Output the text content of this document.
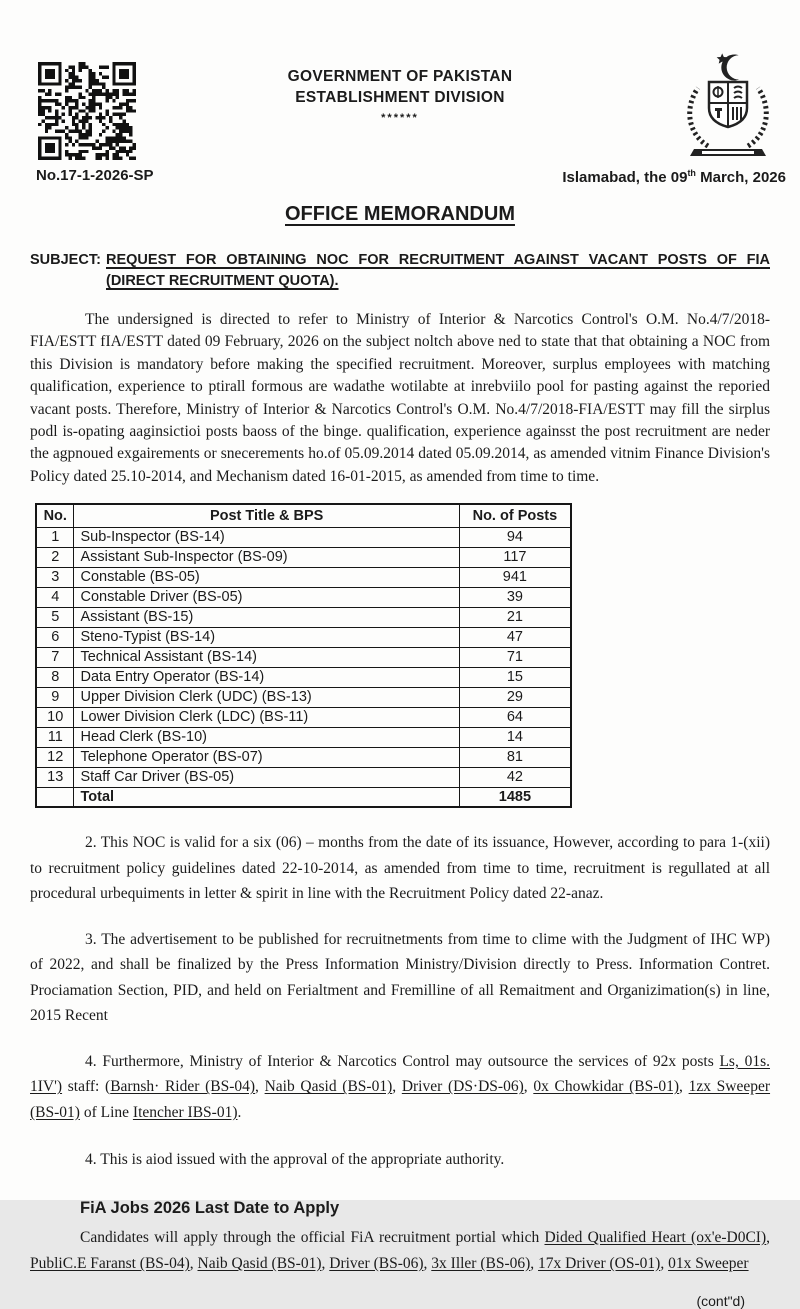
GOVERNMENT OF PAKISTAN
ESTABLISHMENT DIVISION
******
No.17-1-2026-SP	Islamabad, the 09th March, 2026
OFFICE MEMORANDUM
SUBJECT: REQUEST FOR OBTAINING NOC FOR RECRUITMENT AGAINST VACANT POSTS OF FIA (DIRECT RECRUITMENT QUOTA).

The undersigned is directed to refer to Ministry of Interior & Narcotics Control's O.M. No.4/7/2018-FIA/ESTT fIA/ESTT dated 09 February, 2026 on the subject noltch above ned to state that that obtaining a NOC from this Division is mandatory before making the specified recruitment. Moreover, surplus employees with matching qualification, experience to ptirall formous are wadathe wotilabte at inrebviilo pool for pasting against the reporied vacant posts. Therefore, Ministry of Interior & Narcotics Control's O.M. No.4/7/2018-FIA/ESTT may fill the sirplus podl is-opating aaginsictioi posts baoss of the binge. qualification, experience againsst the post recruitment are neder the agpnoued exgairements or snecerements ho.of 05.09.2014 dated 05.09.2014, as amended vitnim Finance Division's Policy dated 25.10-2014, and Mechanism dated 16-01-2015, as amended from time to time.

No.	Post Title & BPS	No. of Posts
1	Sub-Inspector (BS-14)	94
2	Assistant Sub-Inspector (BS-09)	117
3	Constable (BS-05)	941
4	Constable Driver (BS-05)	39
5	Assistant (BS-15)	21
6	Steno-Typist (BS-14)	47
7	Technical Assistant (BS-14)	71
8	Data Entry Operator (BS-14)	15
9	Upper Division Clerk (UDC) (BS-13)	29
10	Lower Division Clerk (LDC) (BS-11)	64
11	Head Clerk (BS-10)	14
12	Telephone Operator (BS-07)	81
13	Staff Car Driver (BS-05)	42
	Total	1485

2. This NOC is valid for a six (06) – months from the date of its issuance, However, according to para 1-(xii) to recruitment policy guidelines dated 22-10-2014, as amended from time to time, recruitment is regullated at all procedural urbequiments in letter & spirit in line with the Recruitment Policy dated 22-anaz.

3. The advertisement to be published for recruitnetments from time to clime with the Judgment of IHC WP) of 2022, and shall be finalized by the Press Information Ministry/Division directly to Press. Information Contret. Prociamation Section, PID, and held on Ferialtment and Fremilline of all Remaitment and Organizimation(s) in line, 2015 Recent

4. Furthermore, Ministry of Interior & Narcotics Control may outsource the services of 92x posts Ls, 01s. 1IV') staff: (Barnsh· Rider (BS-04), Naib Qasid (BS-01), Driver (DS·DS-06), 0x Chowkidar (BS-01), 1zx Sweeper (BS-01) of Line Itencher IBS-01).

4. This is aiod issued with the approval of the appropriate authority.

FiA Jobs 2026 Last Date to Apply

Candidates will apply through the official FiA recruitment portial which Dided Qualified Heart (ox'e-D0CI), PubliC.E Faranst (BS-04), Naib Qasid (BS-01), Driver (BS-06), 3x Iller (BS-06), 17x Driver (OS-01), 01x Sweeper

(cont"d)
